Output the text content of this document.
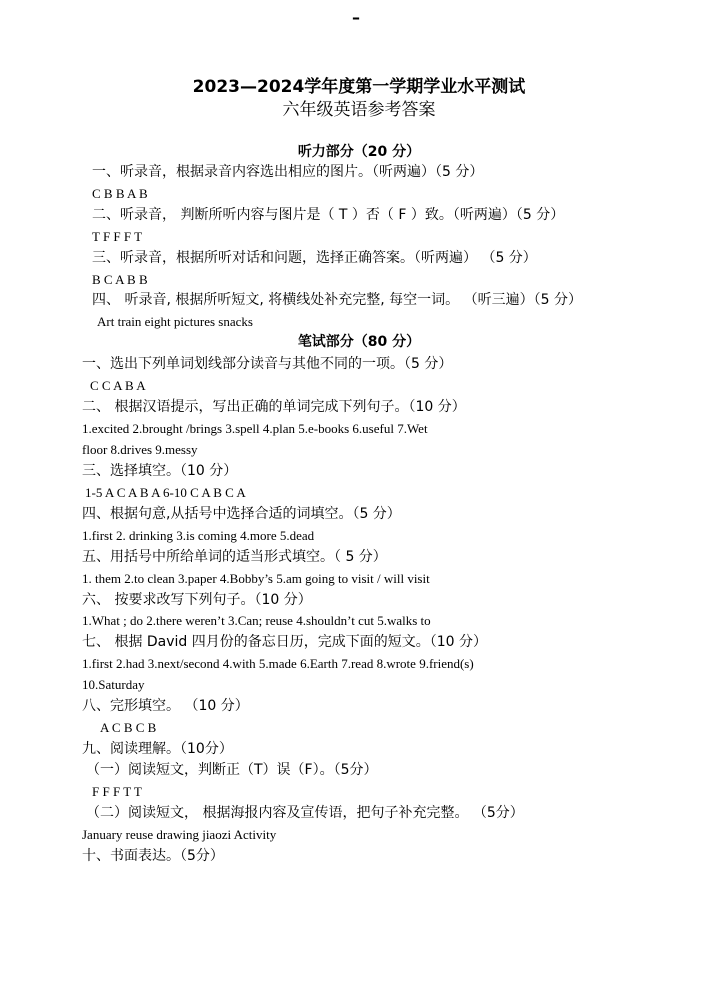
–
2023—2024学年度第一学期学业水平测试
六年级英语参考答案
听力部分（20 分）
一、听录音，根据录音内容选出相应的图片。（听两遍）（5 分）
C B B A B
二、听录音， 判断所听内容与图片是（ T ）否（ F ）致。（听两遍）（5 分）
T F F F T
三、听录音，根据所听对话和问题，选择正确答案。（听两遍） （5 分）
B C A B B
四、 听录音, 根据所听短文, 将横线处补充完整, 每空一词。 （听三遍）（5 分）
Art train eight pictures snacks
笔试部分（80 分）
一、选出下列单词划线部分读音与其他不同的一项。（5 分）
C C A B A
二、 根据汉语提示，写出正确的单词完成下列句子。（10 分）
1.excited 2.brought /brings 3.spell 4.plan 5.e-books 6.useful 7.Wet
floor 8.drives 9.messy
三、选择填空。（10 分）
1-5 A C A B A 6-10 C A B C A
四、根据句意,从括号中选择合适的词填空。（5 分）
1.first 2. drinking 3.is coming 4.more 5.dead
五、用括号中所给单词的适当形式填空。（ 5 分）
1. them 2.to clean 3.paper 4.Bobby’s 5.am going to visit / will visit
六、 按要求改写下列句子。（10 分）
1.What ; do 2.there weren’t 3.Can; reuse 4.shouldn’t cut 5.walks to
七、 根据 David 四月份的备忘日历，完成下面的短文。（10 分）
1.first 2.had 3.next/second 4.with 5.made 6.Earth 7.read 8.wrote 9.friend(s)
10.Saturday
八、完形填空。 （10 分）
A C B C B
九、阅读理解。（10分）
（一）阅读短文，判断正（T）误（F）。（5分）
F F F T T
（二）阅读短文， 根据海报内容及宣传语，把句子补充完整。 （5分）
January reuse drawing jiaozi Activity
十、书面表达。（5分）
